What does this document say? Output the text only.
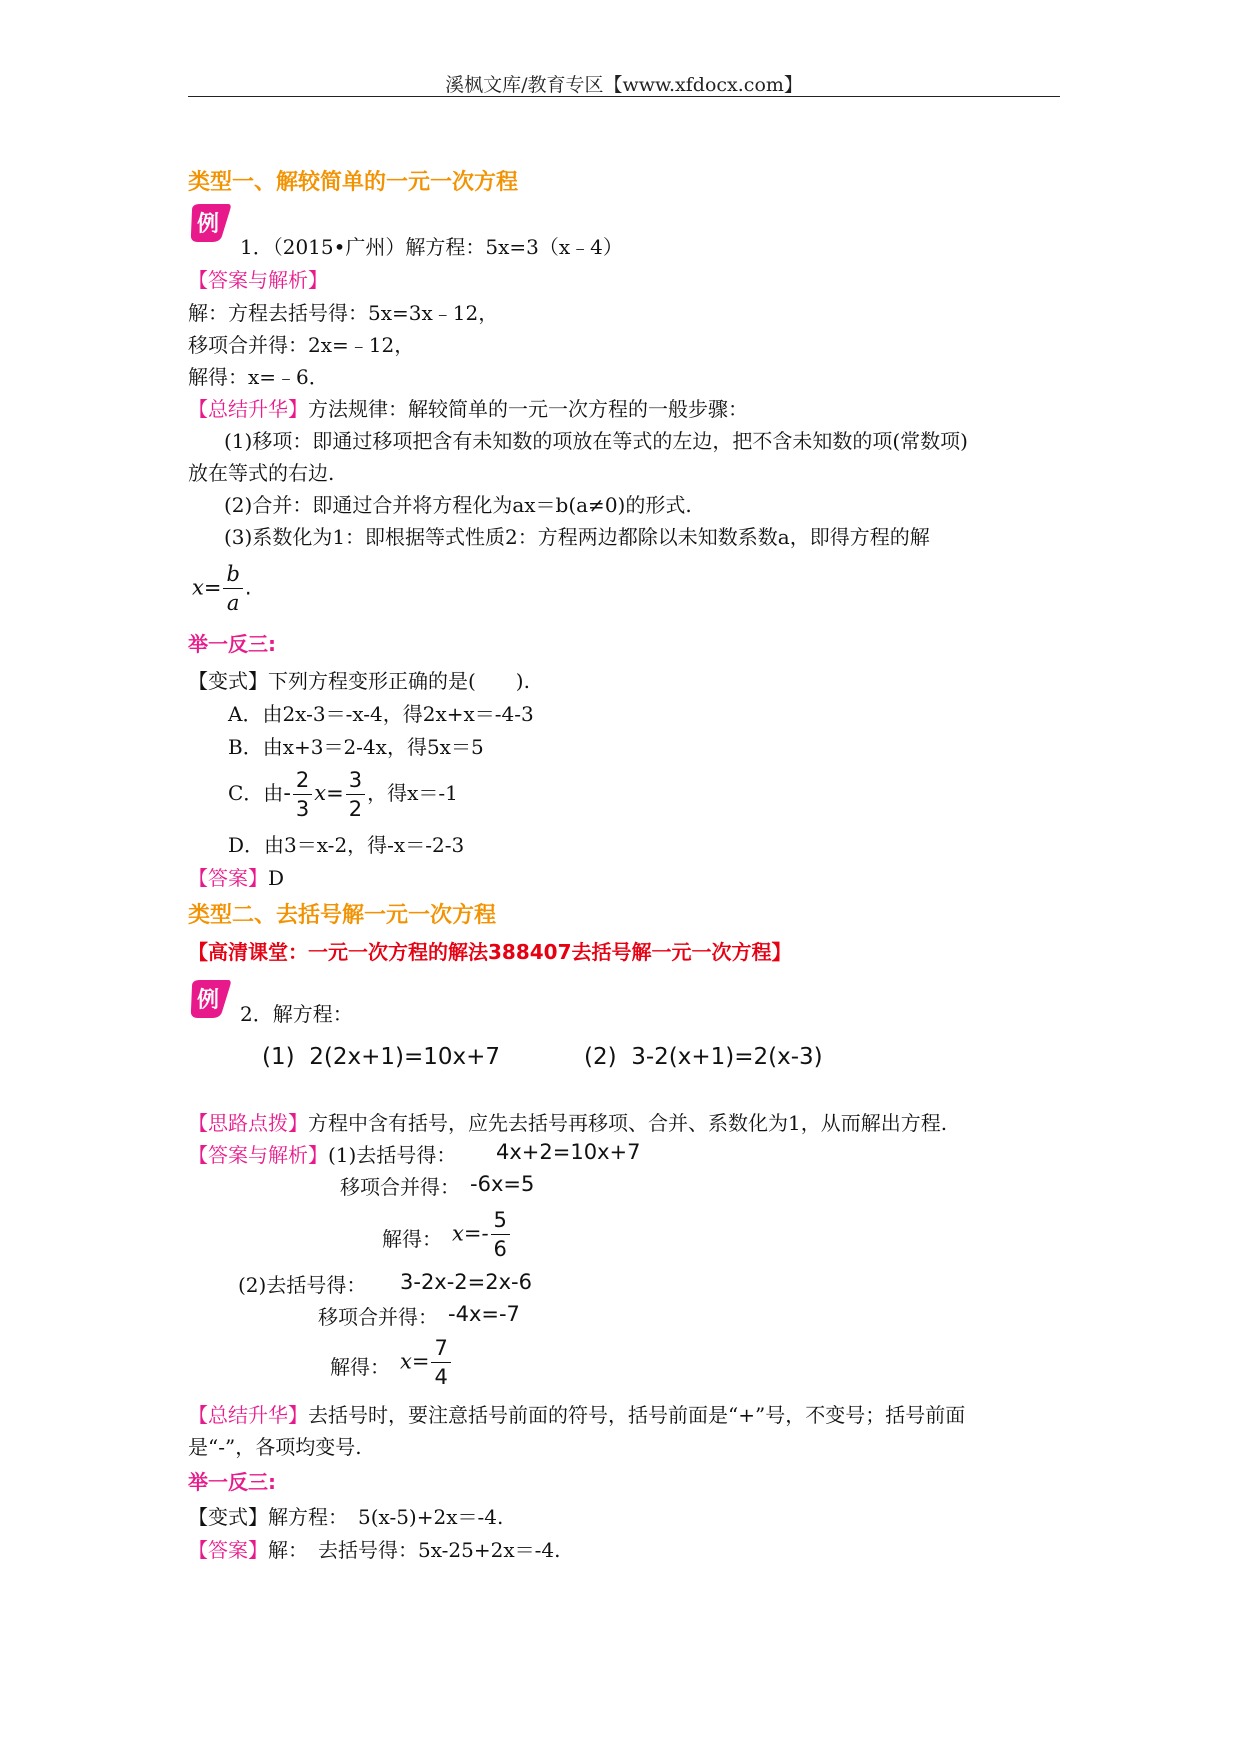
溪枫文库/教育专区【www.xfdocx.com】
类型一、解较简单的一元一次方程
例
1．（2015•广州）解方程：5x=3（x﹣4）
【答案与解析】
解：方程去括号得：5x=3x﹣12，
移项合并得：2x=﹣12，
解得：x=﹣6．
【总结升华】方法规律：解较简单的一元一次方程的一般步骤：
(1)移项：即通过移项把含有未知数的项放在等式的左边，把不含未知数的项(常数项)
放在等式的右边.
(2)合并：即通过合并将方程化为ax＝b(a≠0)的形式.
(3)系数化为1：即根据等式性质2：方程两边都除以未知数系数a，即得方程的解
$x= \frac{b}{a}$ .
举一反三:
【变式】下列方程变形正确的是(　　).
A．由2x-3＝-x-4，得2x+x＝-4-3
B．由x+3＝2-4x，得5x＝5
C．由- $\frac{2}{3} x= \frac{3}{2}$ ，得x＝-1
D．由3＝x-2，得-x＝-2-3
【答案】D
类型二、去括号解一元一次方程
【高清课堂：一元一次方程的解法388407去括号解一元一次方程】
例
2．解方程：
(1) 2(2x+1)=10x+7	(2) 3-2(x+1)=2(x-3)
【思路点拨】方程中含有括号，应先去括号再移项、合并、系数化为1，从而解出方程.
【答案与解析】(1)去括号得： 4x+2=10x+7
移项合并得： -6x=5
解得： $x=- \frac{5}{6}$
(2)去括号得： 3-2x-2=2x-6
移项合并得： -4x=-7
解得： $x= \frac{7}{4}$
【总结升华】去括号时，要注意括号前面的符号，括号前面是“+”号，不变号；括号前面
是“-”，各项均变号.
举一反三:
【变式】解方程：　5(x-5)+2x＝-4.
【答案】解：　去括号得：5x-25+2x＝-4.
